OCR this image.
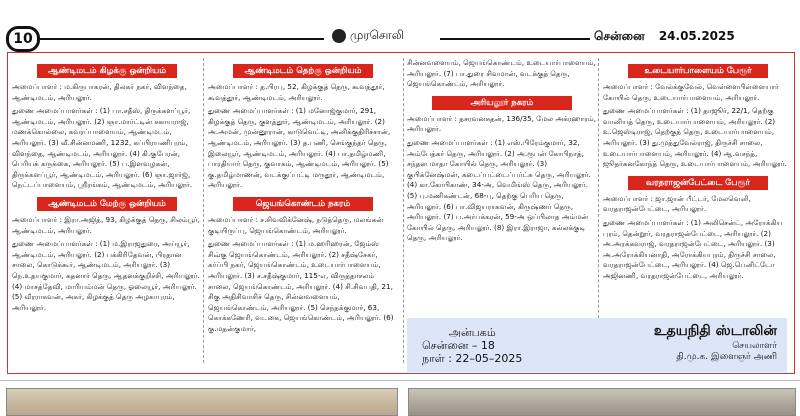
10	முரசொலி	சென்னை 24.05.2025
ஆண்டிமடம் கிழக்கு ஒன்றியம்

அமைப்பாளர் : ம.கிருபாகரன், திலகர் நகர், விளந்தை, ஆண்டிமடம், அரியலூர்.

துணை அமைப்பாளர்கள் : (1) பா.சதீஸ், திருக்களப்பூர், ஆண்டிமடம், அரியலூர். (2) ஞா.மார்ட்டின் சகாயராஜ், மணக்கொல்லை, கவரப்பாளையம், ஆண்டிமடம், அரியலூர். (3) வீ.சின்னமணி, 1232, கப்பிரயணிபுரம், விளந்தை, ஆண்டிமடம், அரியலூர். (4) கி.குபேரன், பெரியக் கருக்கை, அரியலூர். (5) ப.இளவழகன், திருக்களப்பூர், ஆண்டிமடம், அரியலூர். (6) ஞா.ஜார்ஜ், நெட்டப்பாளையம், ஸ்ரீரங்கம், ஆண்டிமடம், அரியலூர்.

ஆண்டிமடம் மேற்கு ஒன்றியம்

அமைப்பாளர் : இரா.அஜித், 93, கிழக்குத் தெரு, சிலம்பூர், ஆண்டிமடம், அரியலூர்.

துணை அமைப்பாளர்கள் : (1) ம.இராஜதுரை, அய்யூர், ஆண்டிமடம், அரியலூர். (2) பக்கிரிதேவன், பிரதான சாலை, கொடுக்கூர், ஆண்டிமடம், அரியலூர். (3) நெ.உதயகுமார், கதனார் தெரு, ஆதனக்குறிச்சி, அரியலூர். (4) மாசத்தேவி, மாரியம்மன் தெரு, ஓலையூர், அரியலூர். (5) வீரராகவன், அசுர், கிழக்குத் தெரு அழகாபுரம், அரியலூர்.

ஆண்டிமடம் தெற்கு ஒன்றியம்

அமைப்பாளர் : த.பிரபு, 52, கிழக்குத் தெரு, கூவத்தூர், கூவத்தூர், ஆண்டிமடம், அரியலூர்.

துணை அமைப்பாளர்கள் : (1) மனோஜ்குமார், 291, கிழக்குத் தெரு, குளத்தூர், ஆண்டிமடம், அரியலூர். (2) அ.அமன், முன்னூரான், காடுவெட்டி, அனிக்குதிரிச்சான், ஆண்டிமடம், அரியலூர். (3) த.பணி, செங்குந்தர் தெரு, இலையூர், ஆண்டிமடம், அரியலூர். (4) பா.தமிழ்மணி, பாரதியார் தெரு, குவாகம், ஆண்டிமடம், அரியலூர். (5) கு.தமிழ்மாணன், வடக்குப்பட்டி மருதூர், ஆண்டிமடம், அரியலூர்.

ஜெயங்கொண்டம் நகரம்

அமைப்பாளர் : ச.சிவவிக்னேஷ், நடுத்தெரு, மலங்கன் குடியிருப்பு, ஜெயங்கொண்டம், அரியலூர்.

துணை அமைப்பாளர்கள் : (1) ம.ஹரிஹரன், ஜேம்ஸ் சிவ்கு ஜெயங்கொண்டம், அரியலூர். (2) சதீஷ்சேகர், கர்ப்பி நகர், ஜெயங்கொண்டம், உடையார்பாளையம், அரியலூர். (3) ச.சதீஷ்குமார், 115-எ, விருத்தாசலம் சாலை, ஜெயங்கொண்டம், அரியலூர். (4) சி.சிவபதி, 21, சிகு அதிசிவாசிச் தெரு, சின்னவளையம், ஜெயங்கொண்டம், அரியலூர். (5) செந்தக்குமார், 63, கொக்கணேரி, வடகை, ஜெயங்கொண்டம், அரியலூர். (6) கு.மதன்குமார்,

சின்னவளையம், ஜெயங்கொண்டம், உடையார்பாளையம், அரியலூர். (7) பா.துரை சிவமான், வடக்குத் தெரு, ஜெயங்கொண்டம், அரியலூர்.

அரியலூர் நகரம்

அமைப்பாளர் : தசரவனசுதன், 136/35, மேல அக்ரஹாரம், அரியலூர்.

துணை அமைப்பாளர்கள் : (1) எஸ்.பிரேம்குமார், 32, அம்பேத்கர் தெரு, அரியலூர். (2) அ.ரூபன் கோபிநாத், சந்தன மாதா கோயில் தெரு, அரியலூர். (3) குபிக்னேஷ்மன், கடைப்பட்டைப்பர்ட்சு தெரு, அரியலூர். (4) கா.கோபிகாண், 34-அ, வெமிங்ஸ் தெரு, அரியலூர். (5) பு.மணிகண்டன், 68-பு, தெற்கு பெரிய தெரு, அரியலூர். (6) பா.விஜயராகவன், கிருஷ்ணர் தெரு, அரியலூர். (7) ப.அர்பக்கரன், 59-அ ஒப்பிலாத அம்மன் கோயில் தெரு, அரியலூர். (8) இரா.இராஜா, கல்லக்குடி தெரு, அரியலூர்.

உடையார்பாளையம் பேரூர்

அமைப்பாளர் : வேல்க்குவேல், வெள்ளைபிள்ளையார் கோயில் தெரு, உடையார்பாளையம், அரியலூர்.

துணை அமைப்பாளர்கள் : (1) தாஜூர், 22/1, தெற்கு வானியத் தெரு, உடையார்பாளையம், அரியலூர். (2) உ.ஜெஸ்டிராஜ், தெற்குத் தெரு, உடையார்பாளையம், அரியலூர். (3) து.முத்துவேல்ராஜ், திருச்சி சாலை, உடையார்பாளையம், அரியலூர். (4) ஆ.வசந்த், ஜூதர்கனகோந்த் தெரு, உடையார்பாளையம், அரியலூர்.

வரதராஜன்பேட்டை பேரூர்

அமைப்பாளர் : ஜா.ஜான் பீட்டர், மேலவெளி, வரதராஜன்பேட்டை, அரியலூர்.

துணை அமைப்பாளர்கள் : (1) அலிசென்ட், அரோக்கிய புரம், தென்றூர், வரதராஜன்பேட்டை, அரியலூர். (2) அ.அரக்கவராஜ், வரதராஜன்பேட்டை, அரியலூர். (3) அ.அரோக்கியனாதி, அரோக்கியபுரம், திருச்சி சாலை, வரதராஜன்பேட்டை, அரியலூர். (4) ஜெ.பெனிட்டோ அஜினணி, வரதராஜன்பேட்டை, அரியலூர்.

அன்பகம்
சென்னை – 18
நாள் : 22–05–2025
உதயநிதி ஸ்டாலின்
செயலாளர்
தி.மு.க. இளைஞர் அணி
